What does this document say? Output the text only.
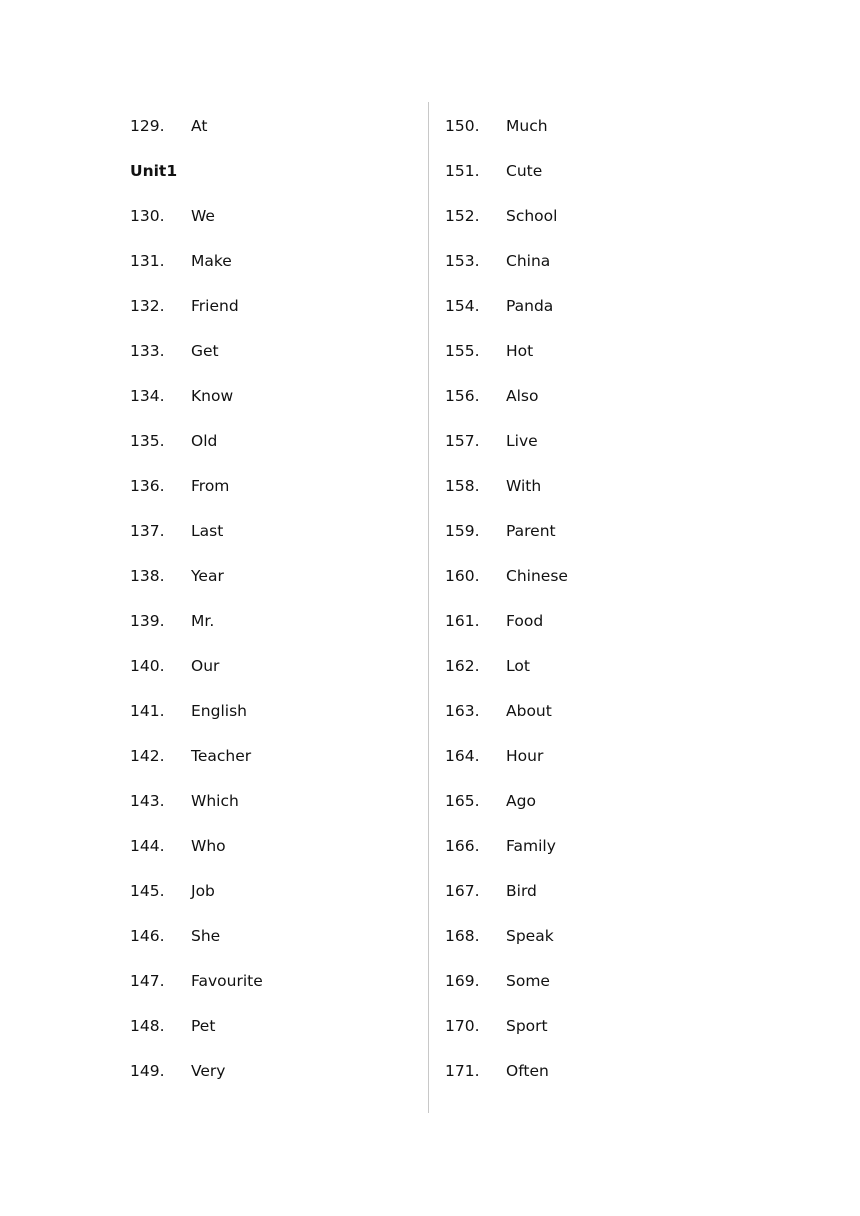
129. At
Unit1
130. We
131. Make
132. Friend
133. Get
134. Know
135. Old
136. From
137. Last
138. Year
139. Mr.
140. Our
141. English
142. Teacher
143. Which
144. Who
145. Job
146. She
147. Favourite
148. Pet
149. Very
150. Much
151. Cute
152. School
153. China
154. Panda
155. Hot
156. Also
157. Live
158. With
159. Parent
160. Chinese
161. Food
162. Lot
163. About
164. Hour
165. Ago
166. Family
167. Bird
168. Speak
169. Some
170. Sport
171. Often
